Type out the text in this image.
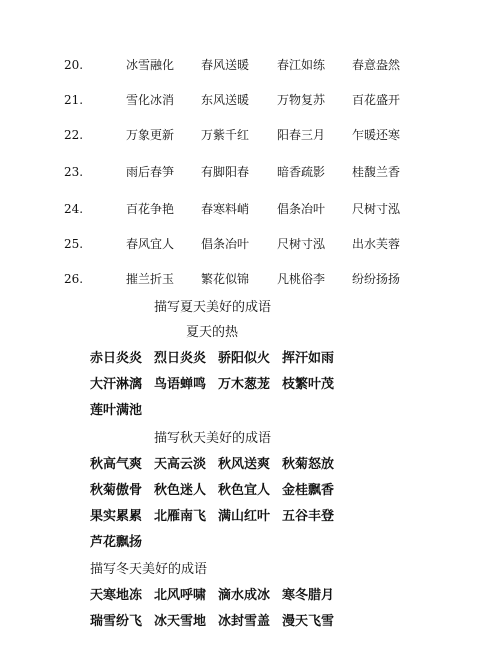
20.	冰雪融化 春风送暖 春江如练 春意盎然
21.	雪化冰消 东风送暖 万物复苏 百花盛开
22.	万象更新 万紫千红 阳春三月 乍暖还寒
23.	雨后春笋 有脚阳春 暗香疏影 桂馥兰香
24.	百花争艳 春寒料峭 倡条冶叶 尺树寸泓
25.	春风宜人 倡条冶叶 尺树寸泓 出水芙蓉
26.	摧兰折玉 繁花似锦 凡桃俗李 纷纷扬扬
描写夏天美好的成语
夏天的热
赤日炎炎 烈日炎炎 骄阳似火 挥汗如雨
大汗淋漓 鸟语蝉鸣 万木葱茏 枝繁叶茂
莲叶满池
描写秋天美好的成语
秋高气爽 天高云淡 秋风送爽 秋菊怒放
秋菊傲骨 秋色迷人 秋色宜人 金桂飘香
果实累累 北雁南飞 满山红叶 五谷丰登
芦花飘扬
描写冬天美好的成语
天寒地冻 北风呼啸 滴水成冰 寒冬腊月
瑞雪纷飞 冰天雪地 冰封雪盖 漫天飞雪
